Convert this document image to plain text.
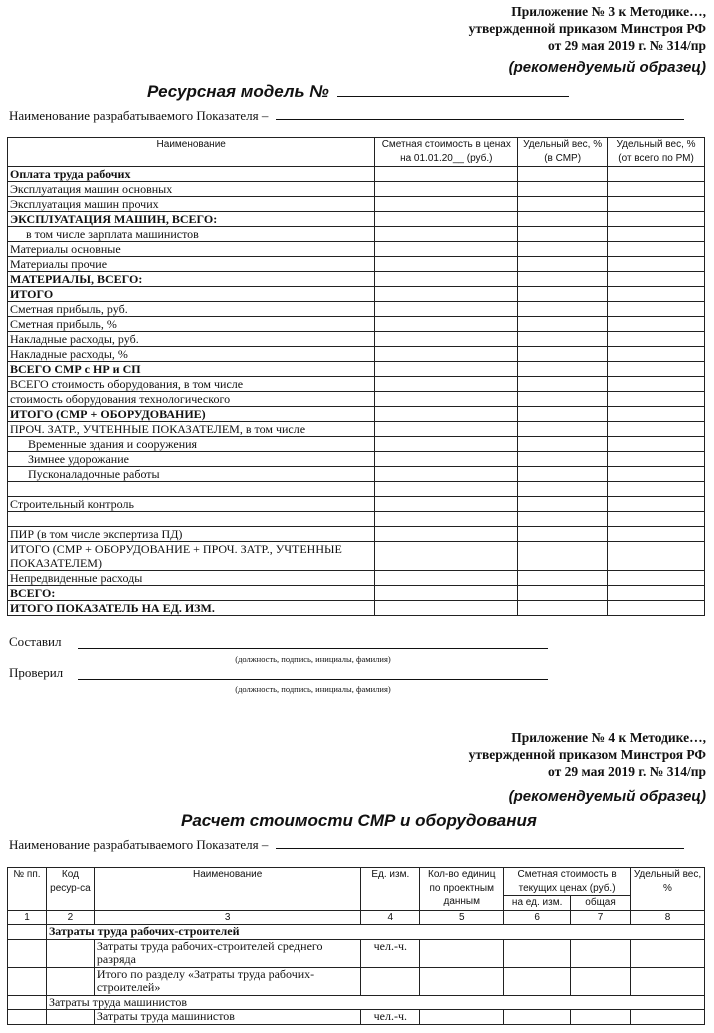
Приложение № 3 к Методике…,
утвержденной приказом Минстроя РФ
от 29 мая 2019 г. № 314/пр
(рекомендуемый образец)
Ресурсная модель №
Наименование разрабатываемого Показателя –
Наименование	Сметная стоимость в ценах на 01.01.20__ (руб.)	Удельный вес, % (в СМР)	Удельный вес, % (от всего по РМ)
Оплата труда рабочих			
Эксплуатация машин основных			
Эксплуатация машин прочих			
ЭКСПЛУАТАЦИЯ МАШИН, ВСЕГО:			
в том числе зарплата машинистов			
Материалы основные			
Материалы прочие			
МАТЕРИАЛЫ, ВСЕГО:			
ИТОГО			
Сметная прибыль, руб.			
Сметная прибыль, %			
Накладные расходы, руб.			
Накладные расходы, %			
ВСЕГО СМР с НР и СП			
ВСЕГО стоимость оборудования, в том числе			
стоимость оборудования технологического			
ИТОГО (СМР + ОБОРУДОВАНИЕ)			
ПРОЧ. ЗАТР., УЧТЕННЫЕ ПОКАЗАТЕЛЕМ, в том числе			
Временные здания и сооружения			
Зимнее удорожание			
Пусконаладочные работы			

Строительный контроль			

ПИР (в том числе экспертиза ПД)			
ИТОГО (СМР + ОБОРУДОВАНИЕ + ПРОЧ. ЗАТР., УЧТЕННЫЕ ПОКАЗАТЕЛЕМ)			
Непредвиденные расходы			
ВСЕГО:			
ИТОГО ПОКАЗАТЕЛЬ НА ЕД. ИЗМ.			
Составил
(должность, подпись, инициалы, фамилия)
Проверил
(должность, подпись, инициалы, фамилия)
Приложение № 4 к Методике…,
утвержденной приказом Минстроя РФ
от 29 мая 2019 г. № 314/пр
(рекомендуемый образец)
Расчет стоимости СМР и оборудования
Наименование разрабатываемого Показателя –
№ пп.	Код ресур-са	Наименование	Ед. изм.	Кол-во единиц по проектным данным	Сметная стоимость в текущих ценах (руб.)		Удельный вес, %
					на ед. изм.	общая	
1	2	3	4	5	6	7	8
	Затраты труда рабочих-строителей						
		Затраты труда рабочих-строителей среднего разряда	чел.-ч.				
		Итого по разделу «Затраты труда рабочих-строителей»					
	Затраты труда машинистов						
		Затраты труда машинистов	чел.-ч.				
